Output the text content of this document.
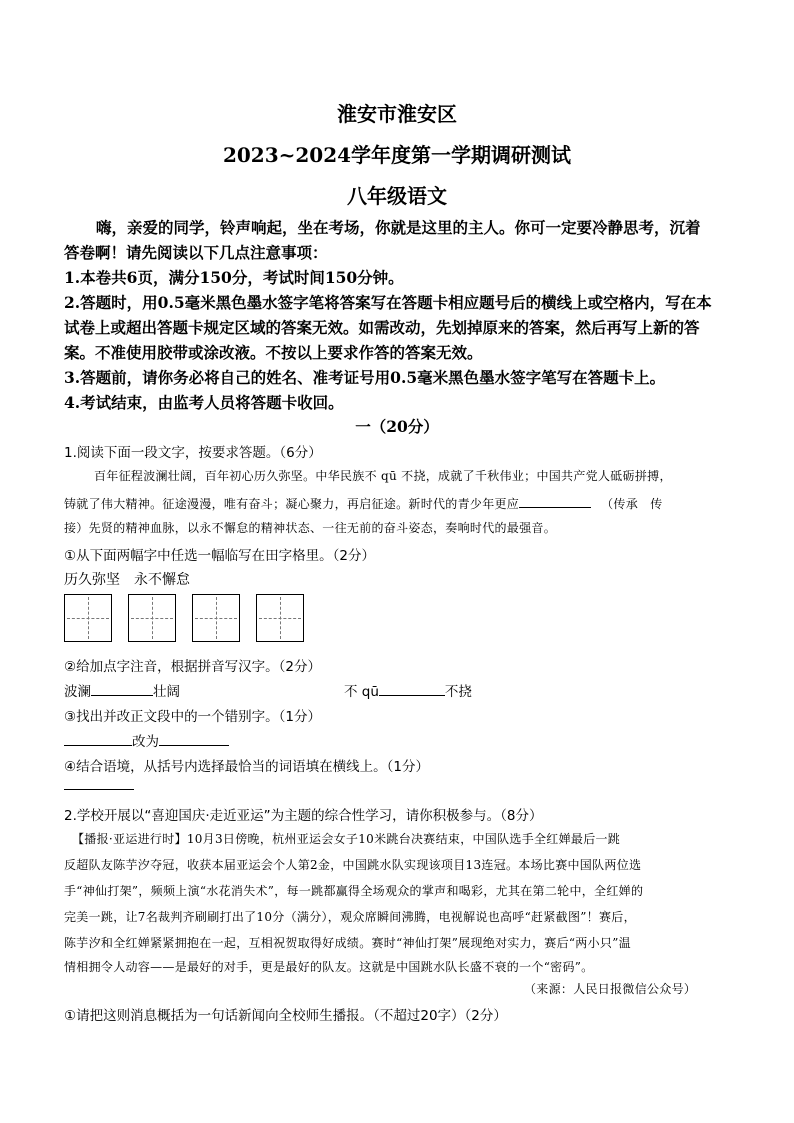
淮安市淮安区
2023~2024学年度第一学期调研测试
八年级语文
嗨，亲爱的同学，铃声响起，坐在考场，你就是这里的主人。你可一定要冷静思考，沉着
答卷啊！请先阅读以下几点注意事项：
1.本卷共6页，满分150分，考试时间150分钟。
2.答题时，用0.5毫米黑色墨水签字笔将答案写在答题卡相应题号后的横线上或空格内，写在本
试卷上或超出答题卡规定区域的答案无效。如需改动，先划掉原来的答案，然后再写上新的答
案。不准使用胶带或涂改液。不按以上要求作答的答案无效。
3.答题前，请你务必将自己的姓名、准考证号用0.5毫米黑色墨水签字笔写在答题卡上。
4.考试结束，由监考人员将答题卡收回。
一（20分）
1.阅读下面一段文字，按要求答题。（6分）
百年征程波澜壮阔，百年初心历久弥坚。中华民族不 qū 不挠，成就了千秋伟业；中国共产党人砥砺拼搏，
铸就了伟大精神。征途漫漫，唯有奋斗；凝心聚力，再启征途。新时代的青少年更应	（传承　传
接）先贤的精神血脉，以永不懈怠的精神状态、一往无前的奋斗姿态，奏响时代的最强音。
①从下面两幅字中任选一幅临写在田字格里。（2分）
历久弥坚　永不懈怠
②给加点字注音，根据拼音写汉字。（2分）
波澜	壮阔	不 qū	不挠
③找出并改正文段中的一个错别字。（1分）
改为
④结合语境，从括号内选择最恰当的词语填在横线上。（1分）
2.学校开展以“喜迎国庆·走近亚运”为主题的综合性学习，请你积极参与。（8分）
【播报·亚运进行时】10月3日傍晚，杭州亚运会女子10米跳台决赛结束，中国队选手全红婵最后一跳
反超队友陈芋汐夺冠，收获本届亚运会个人第2金，中国跳水队实现该项目13连冠。本场比赛中国队两位选
手“神仙打架”，频频上演“水花消失术”，每一跳都赢得全场观众的掌声和喝彩，尤其在第二轮中，全红婵的
完美一跳，让7名裁判齐刷刷打出了10分（满分），观众席瞬间沸腾，电视解说也高呼“赶紧截图”！赛后，
陈芋汐和全红婵紧紧拥抱在一起，互相祝贺取得好成绩。赛时“神仙打架”展现绝对实力，赛后“两小只”温
情相拥令人动容——是最好的对手，更是最好的队友。这就是中国跳水队长盛不衰的一个“密码”。
（来源：人民日报微信公众号）
①请把这则消息概括为一句话新闻向全校师生播报。（不超过20字）（2分）
